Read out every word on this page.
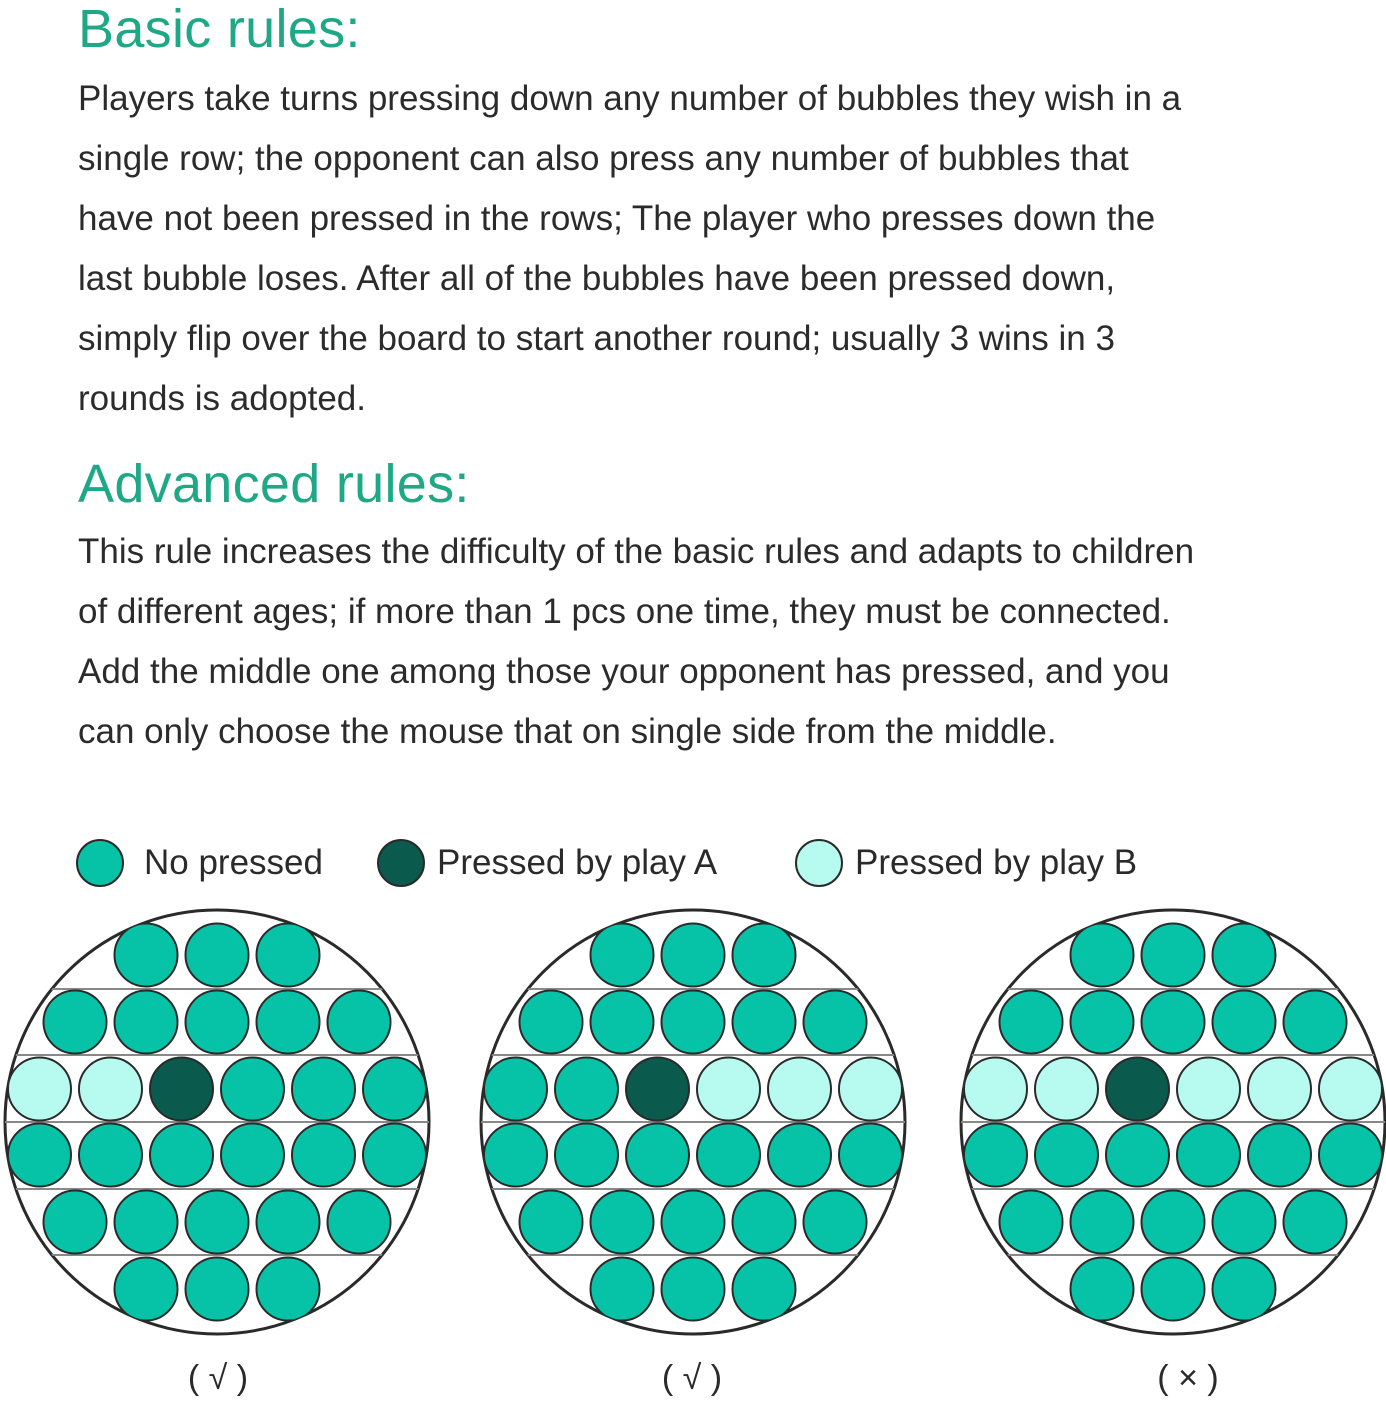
Basic rules:

Players take turns pressing down any number of bubbles they wish in a single row; the opponent can also press any number of bubbles that have not been pressed in the rows; The player who presses down the last bubble loses. After all of the bubbles have been pressed down, simply flip over the board to start another round; usually 3 wins in 3 rounds is adopted.

Advanced rules:

This rule increases the difficulty of the basic rules and adapts to children of different ages; if more than 1 pcs one time, they must be connected. Add the middle one among those your opponent has pressed, and you can only choose the mouse that on single side from the middle.

No pressed	Pressed by play A	Pressed by play B
( √ )	( √ )	( × )
